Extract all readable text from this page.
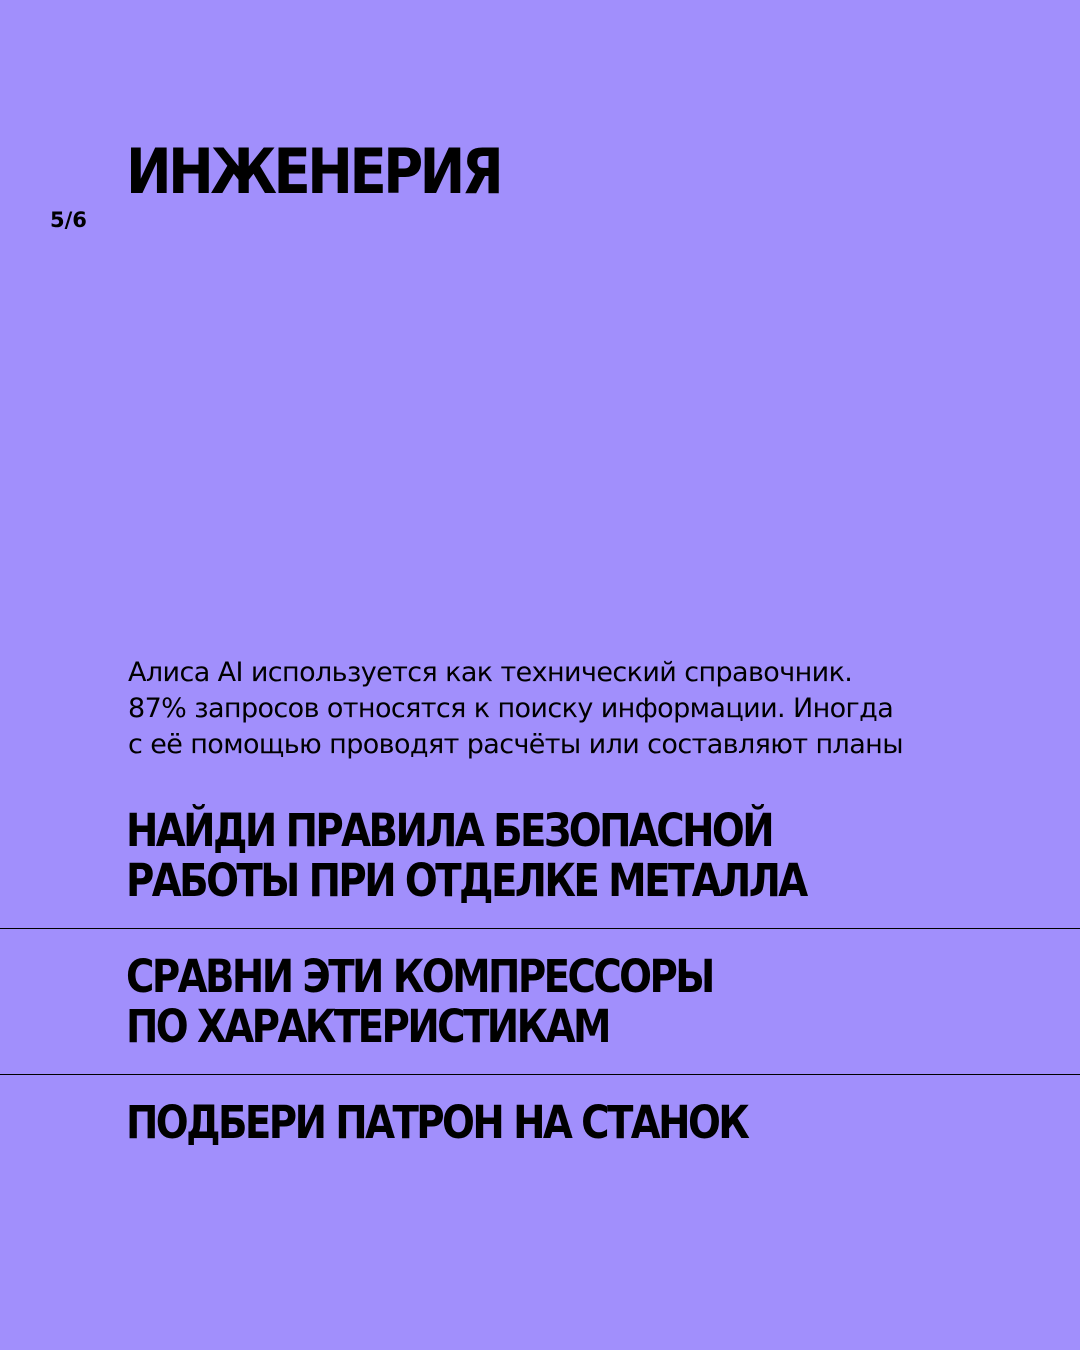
5/6
ИНЖЕНЕРИЯ

Алиса AI используется как технический справочник.
87% запросов относятся к поиску информации. Иногда
с её помощью проводят расчёты или составляют планы

НАЙДИ ПРАВИЛА БЕЗОПАСНОЙ
РАБОТЫ ПРИ ОТДЕЛКЕ МЕТАЛЛА
СРАВНИ ЭТИ КОМПРЕССОРЫ
ПО ХАРАКТЕРИСТИКАМ
ПОДБЕРИ ПАТРОН НА СТАНОК
